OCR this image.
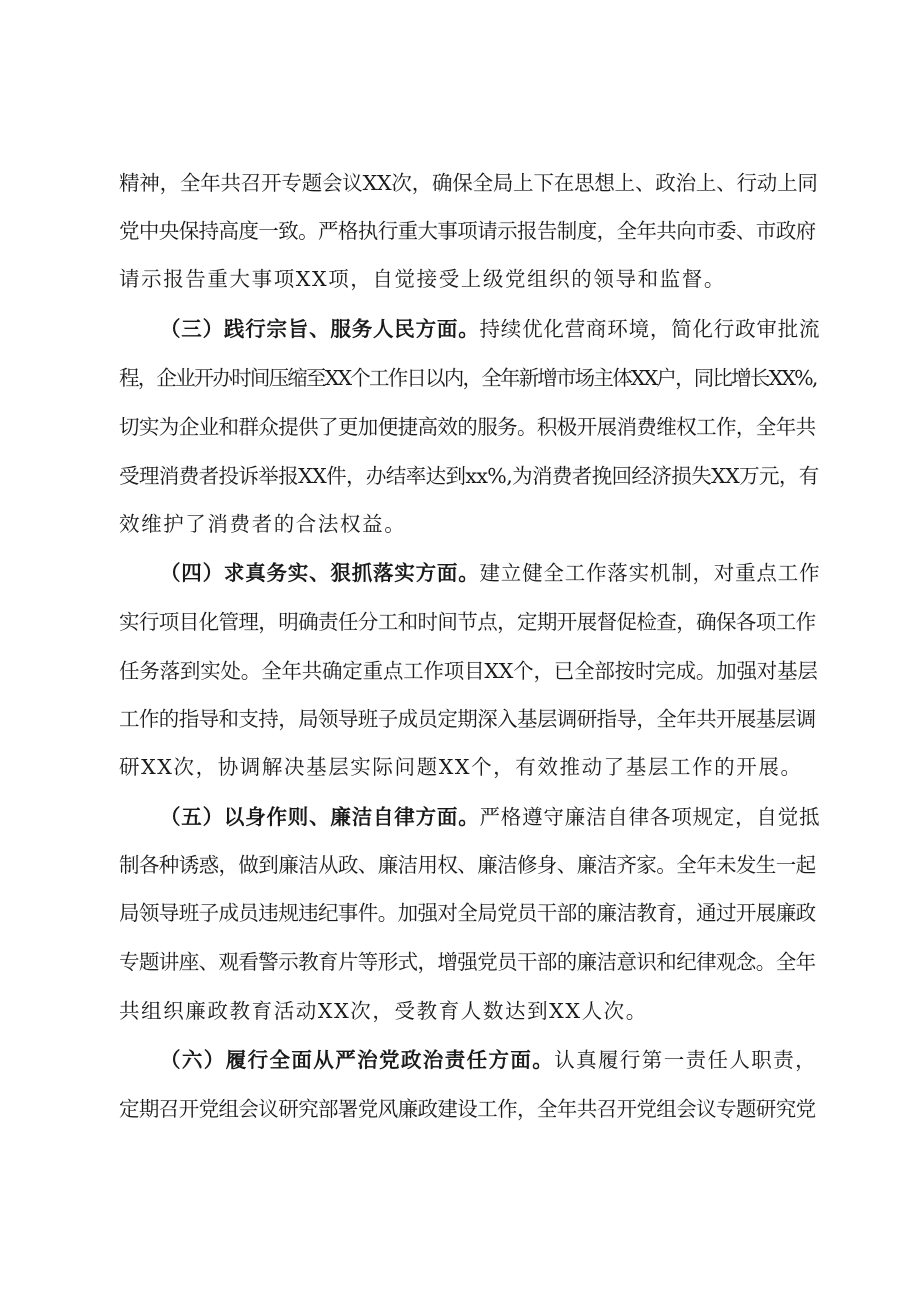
精神，全年共召开专题会议XX次，确保全局上下在思想上、政治上、行动上同
党中央保持高度一致。严格执行重大事项请示报告制度，全年共向市委、市政府
请示报告重大事项XX项，自觉接受上级党组织的领导和监督。
（三）践行宗旨、服务人民方面。持续优化营商环境，简化行政审批流
程，企业开办时间压缩至XX个工作日以内，全年新增市场主体XX户，同比增长XX%,
切实为企业和群众提供了更加便捷高效的服务。积极开展消费维权工作，全年共
受理消费者投诉举报XX件，办结率达到xx%,为消费者挽回经济损失XX万元，有
效维护了消费者的合法权益。
（四）求真务实、狠抓落实方面。建立健全工作落实机制，对重点工作
实行项目化管理，明确责任分工和时间节点，定期开展督促检查，确保各项工作
任务落到实处。全年共确定重点工作项目XX个，已全部按时完成。加强对基层
工作的指导和支持，局领导班子成员定期深入基层调研指导，全年共开展基层调
研XX次，协调解决基层实际问题XX个，有效推动了基层工作的开展。
（五）以身作则、廉洁自律方面。严格遵守廉洁自律各项规定，自觉抵
制各种诱惑，做到廉洁从政、廉洁用权、廉洁修身、廉洁齐家。全年未发生一起
局领导班子成员违规违纪事件。加强对全局党员干部的廉洁教育，通过开展廉政
专题讲座、观看警示教育片等形式，增强党员干部的廉洁意识和纪律观念。全年
共组织廉政教育活动XX次，受教育人数达到XX人次。
（六）履行全面从严治党政治责任方面。认真履行第一责任人职责，
定期召开党组会议研究部署党风廉政建设工作，全年共召开党组会议专题研究党
